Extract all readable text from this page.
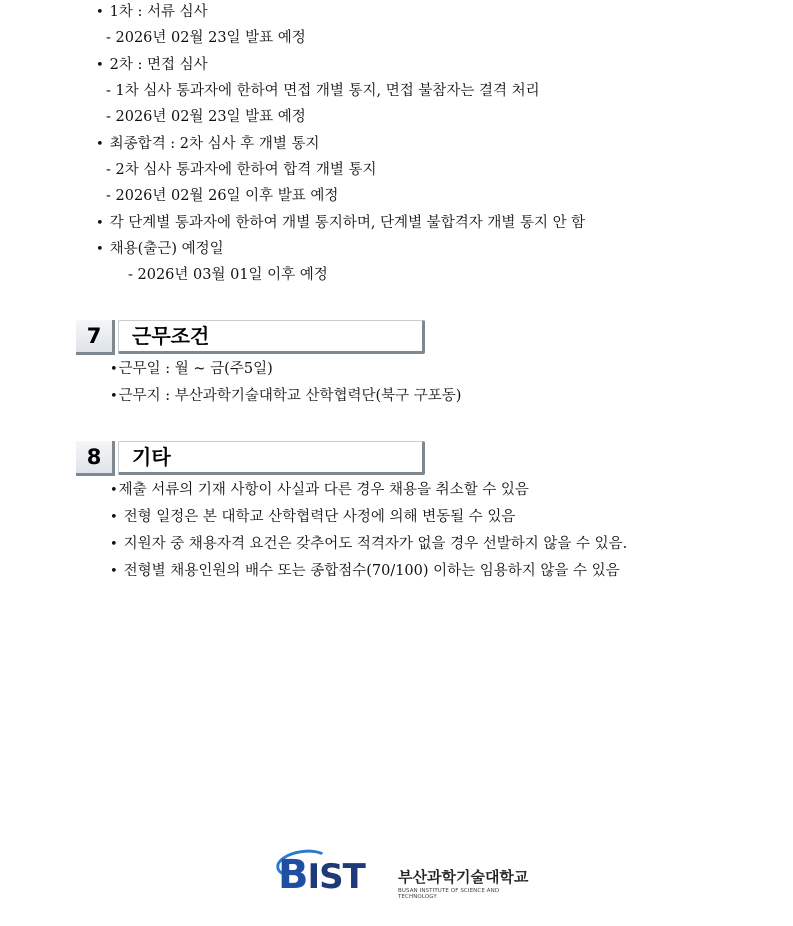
• 1차 : 서류 심사
- 2026년 02월 23일 발표 예정
• 2차 : 면접 심사
- 1차 심사 통과자에 한하여 면접 개별 통지, 면접 불참자는 결격 처리
- 2026년 02월 23일 발표 예정
• 최종합격 : 2차 심사 후 개별 통지
- 2차 심사 통과자에 한하여 합격 개별 통지
- 2026년 02월 26일 이후 발표 예정
• 각 단계별 통과자에 한하여 개별 통지하며, 단계별 불합격자 개별 통지 안 함
• 채용(출근) 예정일
- 2026년 03월 01일 이후 예정
7	근무조건
•근무일 : 월 ~ 금(주5일)
•근무지 : 부산과학기술대학교 산학협력단(북구 구포동)
8	기타
•제출 서류의 기재 사항이 사실과 다른 경우 채용을 취소할 수 있음
• 전형 일정은 본 대학교 산학협력단 사정에 의해 변동될 수 있음
• 지원자 중 채용자격 요건은 갖추어도 적격자가 없을 경우 선발하지 않을 수 있음.
• 전형별 채용인원의 배수 또는 종합점수(70/100) 이하는 임용하지 않을 수 있음
BIST 부산과학기술대학교
BUSAN INSTITUTE OF SCIENCE AND TECHNOLOGY
